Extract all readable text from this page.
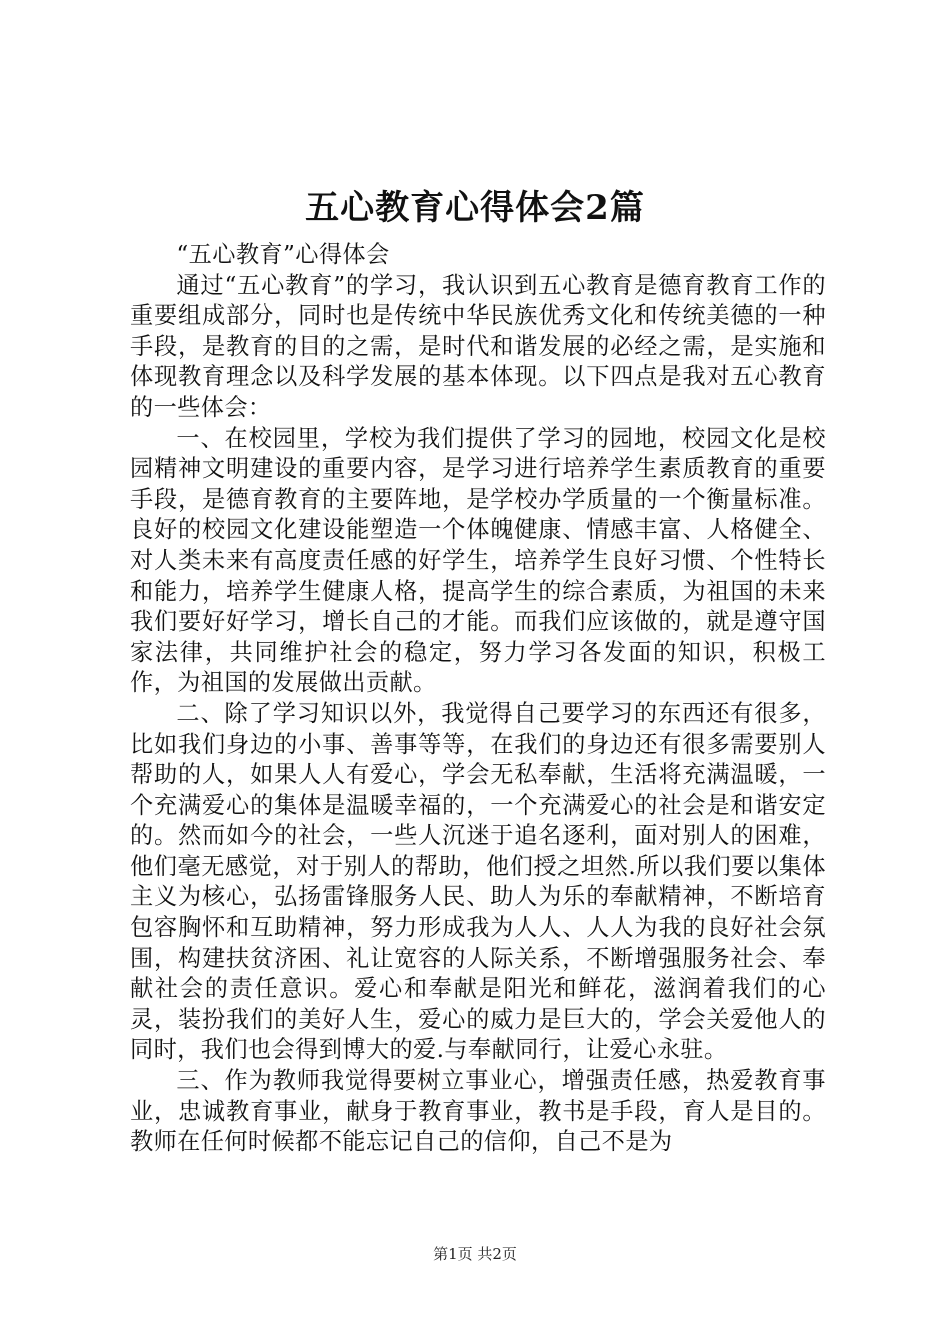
五心教育心得体会2篇

“五心教育”心得体会

通过“五心教育”的学习，我认识到五心教育是德育教育工作的重要组成部分，同时也是传统中华民族优秀文化和传统美德的一种手段，是教育的目的之需，是时代和谐发展的必经之需，是实施和体现教育理念以及科学发展的基本体现。以下四点是我对五心教育的一些体会：

一、在校园里，学校为我们提供了学习的园地，校园文化是校园精神文明建设的重要内容，是学习进行培养学生素质教育的重要手段，是德育教育的主要阵地，是学校办学质量的一个衡量标准。良好的校园文化建设能塑造一个体魄健康、情感丰富、人格健全、对人类未来有高度责任感的好学生，培养学生良好习惯、个性特长和能力，培养学生健康人格，提高学生的综合素质，为祖国的未来我们要好好学习，增长自己的才能。而我们应该做的，就是遵守国家法律，共同维护社会的稳定，努力学习各发面的知识，积极工作，为祖国的发展做出贡献。

二、除了学习知识以外，我觉得自己要学习的东西还有很多，比如我们身边的小事、善事等等，在我们的身边还有很多需要别人帮助的人，如果人人有爱心，学会无私奉献，生活将充满温暖，一个充满爱心的集体是温暖幸福的，一个充满爱心的社会是和谐安定的。然而如今的社会，一些人沉迷于追名逐利，面对别人的困难，他们毫无感觉，对于别人的帮助，他们授之坦然.所以我们要以集体主义为核心，弘扬雷锋服务人民、助人为乐的奉献精神，不断培育包容胸怀和互助精神，努力形成我为人人、人人为我的良好社会氛围，构建扶贫济困、礼让宽容的人际关系，不断增强服务社会、奉献社会的责任意识。爱心和奉献是阳光和鲜花，滋润着我们的心灵，装扮我们的美好人生，爱心的威力是巨大的，学会关爱他人的同时，我们也会得到博大的爱.与奉献同行，让爱心永驻。

三、作为教师我觉得要树立事业心，增强责任感，热爱教育事业，忠诚教育事业，献身于教育事业，教书是手段，育人是目的。教师在任何时候都不能忘记自己的信仰，自己不是为

第1页 共2页
